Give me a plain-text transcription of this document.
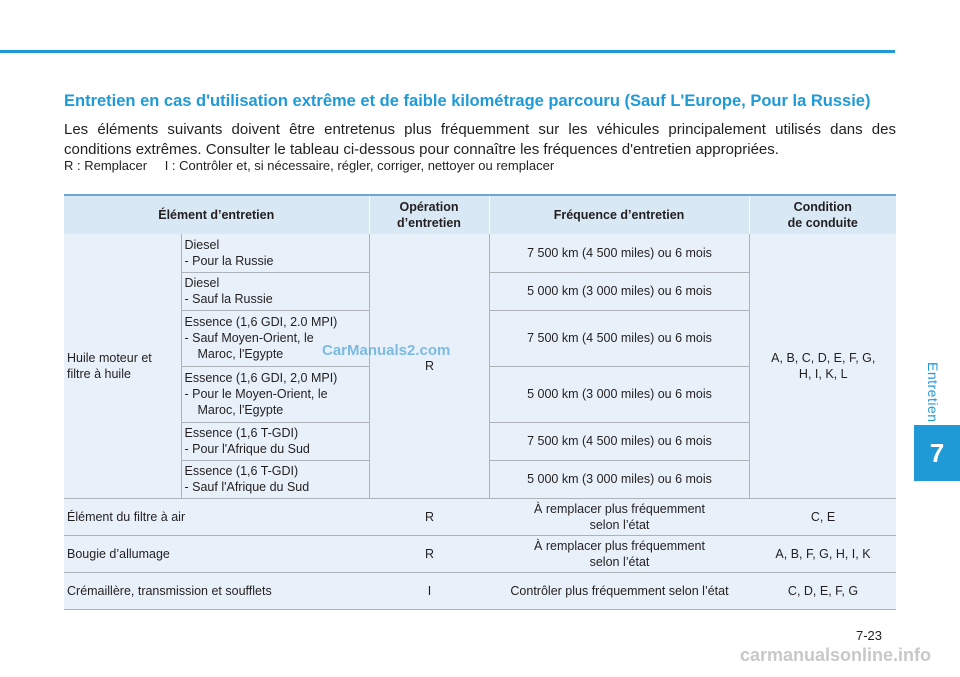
Entretien
7
Entretien en cas d'utilisation extrême et de faible kilométrage parcouru (Sauf L'Europe, Pour la Russie)
Les éléments suivants doivent être entretenus plus fréquemment sur les véhicules principalement utilisés dans des conditions extrêmes. Consulter le tableau ci-dessous pour connaître les fréquences d'entretien appropriées.
R : Remplacer I : Contrôler et, si nécessaire, régler, corriger, nettoyer ou remplacer
Élément d’entretien		Opération
d’entretien	Fréquence d’entretien	Condition
de conduite

Huile moteur et
filtre à huile	Diesel
- Pour la Russie	R	7 500 km (4 500 miles) ou 6 mois	A, B, C, D, E, F, G,
H, I, K, L

	Diesel
- Sauf la Russie		5 000 km (3 000 miles) ou 6 mois	

	Essence (1,6 GDI, 2.0 MPI)
- Sauf Moyen-Orient, le
Maroc, l'Egypte		7 500 km (4 500 miles) ou 6 mois	

	Essence (1,6 GDI, 2,0 MPI)
- Pour le Moyen-Orient, le
Maroc, l'Egypte		5 000 km (3 000 miles) ou 6 mois	

	Essence (1,6 T-GDI)
- Pour l'Afrique du Sud		7 500 km (4 500 miles) ou 6 mois	

	Essence (1,6 T-GDI)
- Sauf l'Afrique du Sud		5 000 km (3 000 miles) ou 6 mois	
Élément du filtre à air		R	À remplacer plus fréquemment
selon l’état	C, E
Bougie d’allumage		R	À remplacer plus fréquemment
selon l’état	A, B, F, G, H, I, K
Crémaillère, transmission et soufflets		I	Contrôler plus fréquemment selon l’état	C, D, E, F, G
CarManuals2.com
7-23
carmanualsonline.info
